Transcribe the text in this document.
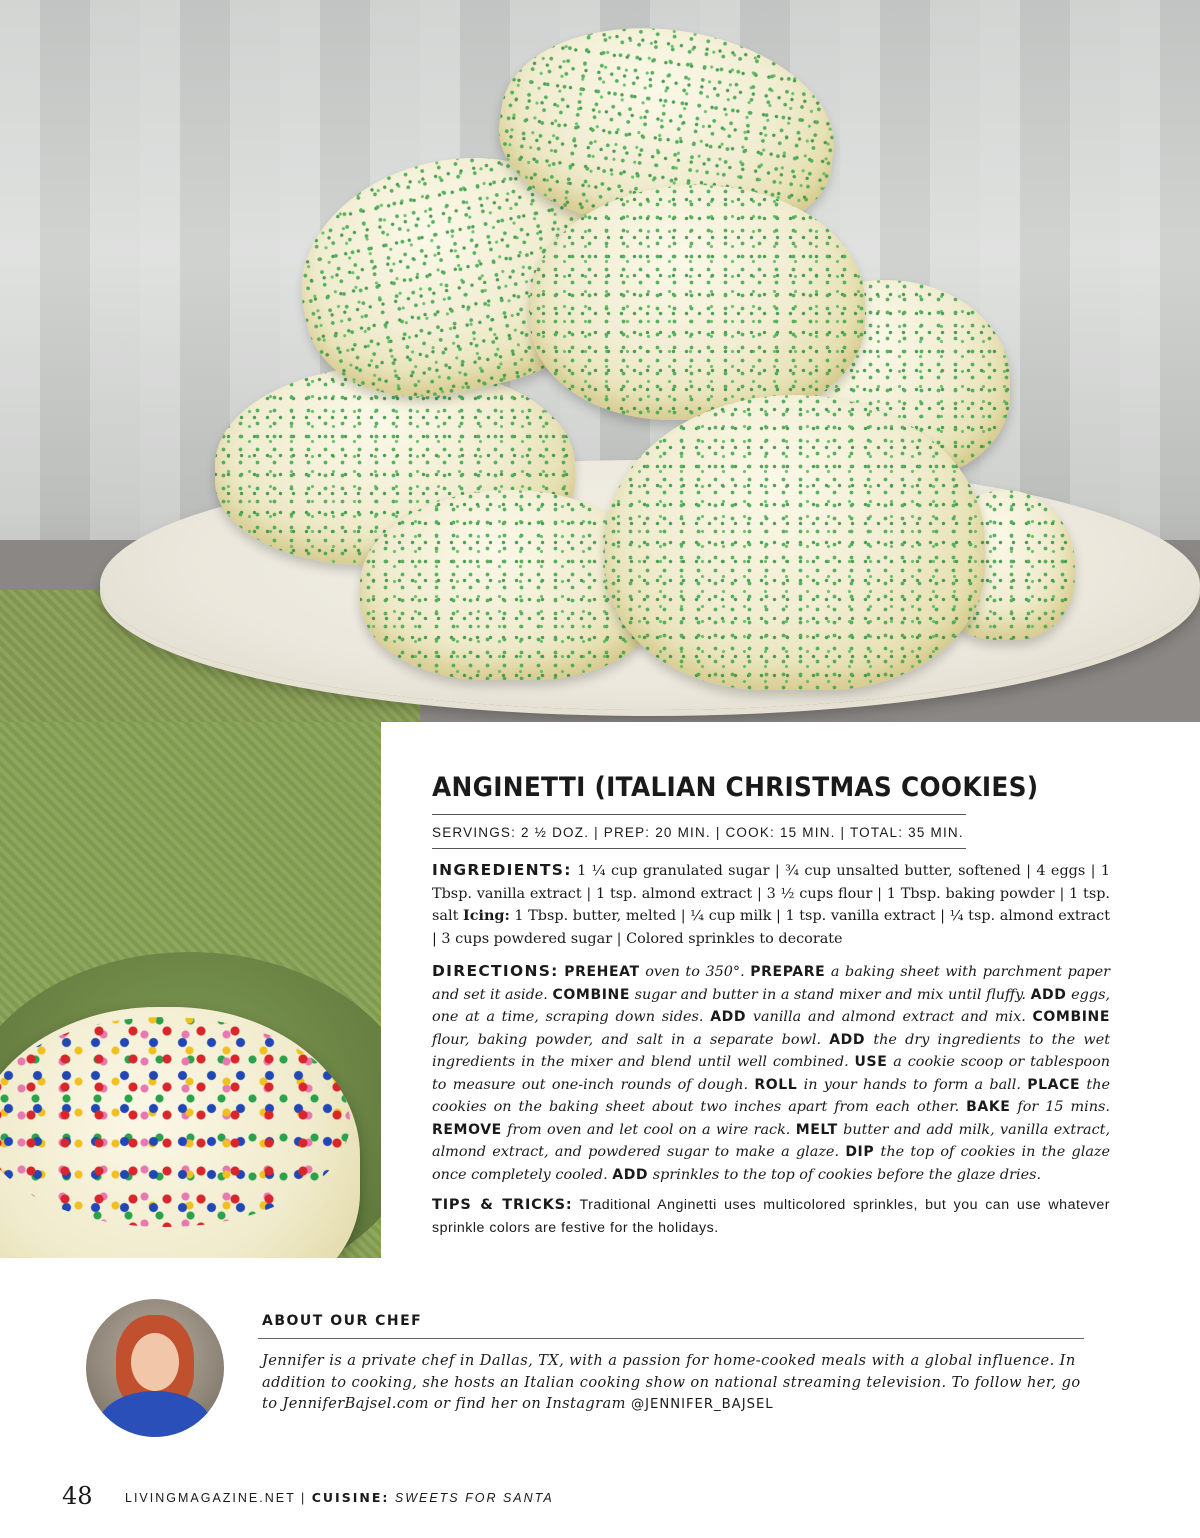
ANGINETTI (ITALIAN CHRISTMAS COOKIES)
SERVINGS: 2 ½ DOZ. | PREP: 20 MIN. | COOK: 15 MIN. | TOTAL: 35 MIN.

INGREDIENTS: 1 ¼ cup granulated sugar | ¾ cup unsalted butter, softened | 4 eggs | 1 Tbsp. vanilla extract | 1 tsp. almond extract | 3 ½ cups flour | 1 Tbsp. baking powder | 1 tsp. salt Icing: 1 Tbsp. butter, melted | ¼ cup milk | 1 tsp. vanilla extract | ¼ tsp. almond extract | 3 cups powdered sugar | Colored sprinkles to decorate

DIRECTIONS: PREHEAT oven to 350°. PREPARE a baking sheet with parchment paper and set it aside. COMBINE sugar and butter in a stand mixer and mix until fluffy. ADD eggs, one at a time, scraping down sides. ADD vanilla and almond extract and mix. COMBINE flour, baking powder, and salt in a separate bowl. ADD the dry ingredients to the wet ingredients in the mixer and blend until well combined. USE a cookie scoop or tablespoon to measure out one-inch rounds of dough. ROLL in your hands to form a ball. PLACE the cookies on the baking sheet about two inches apart from each other. BAKE for 15 mins. REMOVE from oven and let cool on a wire rack. MELT butter and add milk, vanilla extract, almond extract, and powdered sugar to make a glaze. DIP the top of cookies in the glaze once completely cooled. ADD sprinkles to the top of cookies before the glaze dries.

TIPS & TRICKS: Traditional Anginetti uses multicolored sprinkles, but you can use whatever sprinkle colors are festive for the holidays.

ABOUT OUR CHEF
Jennifer is a private chef in Dallas, TX, with a passion for home-cooked meals with a global influence. In addition to cooking, she hosts an Italian cooking show on national streaming television. To follow her, go to JenniferBajsel.com or find her on Instagram @JENNIFER_BAJSEL
48	LIVINGMAGAZINE.NET | CUISINE: SWEETS FOR SANTA
